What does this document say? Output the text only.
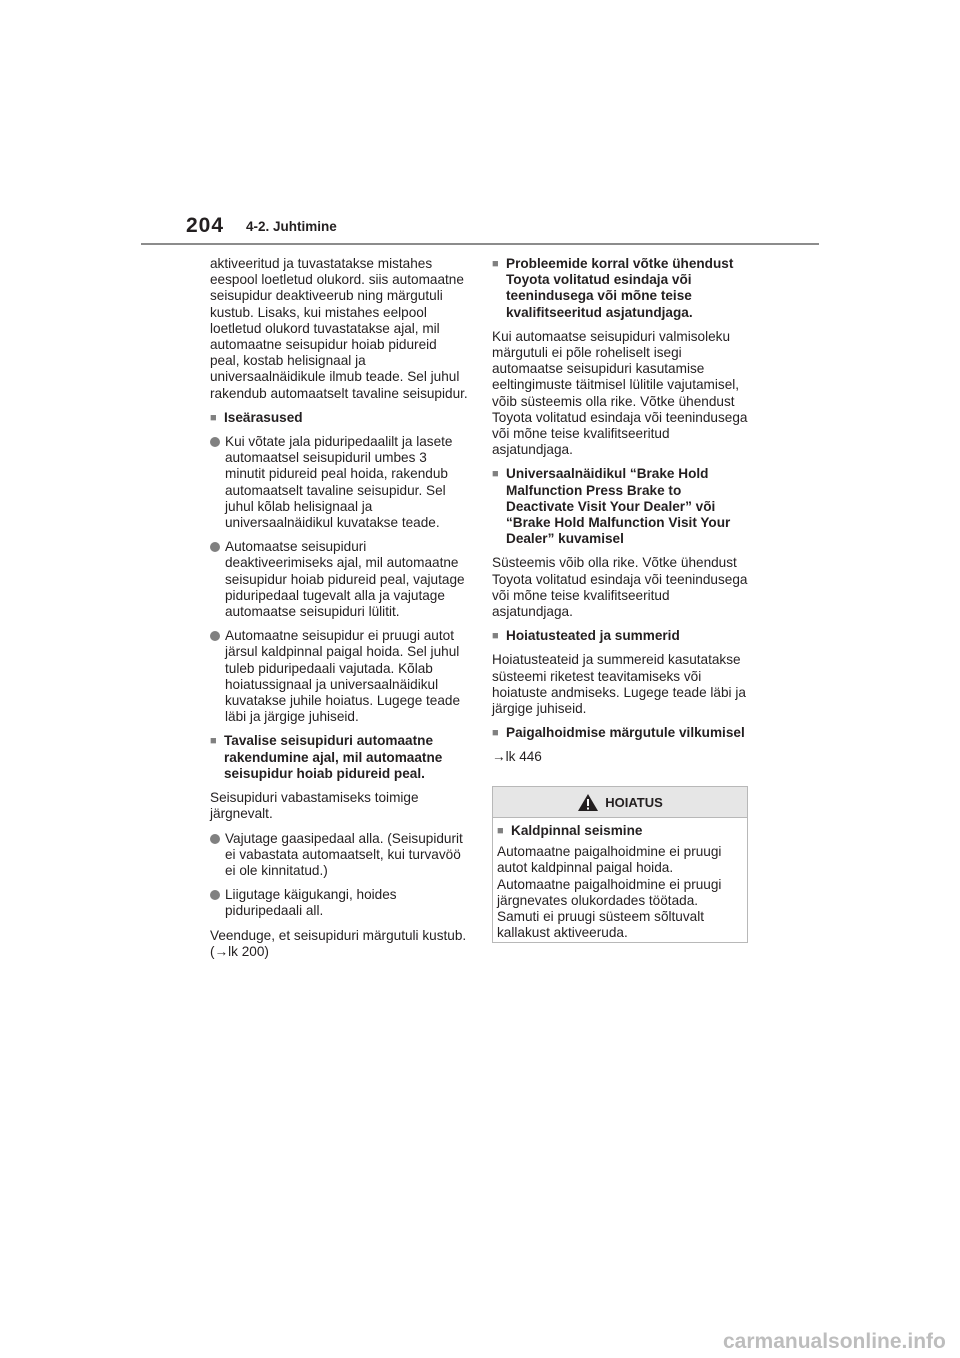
204 4-2. Juhtimine

aktiveeritud ja tuvastatakse mistahes eespool loetletud olukord. siis automaatne seisupidur deaktiveerub ning märgutuli kustub. Lisaks, kui mistahes eelpool loetletud olukord tuvastatakse ajal, mil automaatne seisupidur hoiab pidureid peal, kostab helisignaal ja universaalnäidikule ilmub teade. Sel juhul rakendub automaatselt tavaline seisupidur.

■ Iseärasused
Kui võtate jala piduripedaalilt ja lasete automaatsel seisupiduril umbes 3 minutit pidureid peal hoida, rakendub automaatselt tavaline seisupidur. Sel juhul kõlab helisignaal ja universaalnäidikul kuvatakse teade.
Automaatse seisupiduri deaktiveerimiseks ajal, mil automaatne seisupidur hoiab pidureid peal, vajutage piduripedaal tugevalt alla ja vajutage automaatse seisupiduri lülitit.
Automaatne seisupidur ei pruugi autot järsul kaldpinnal paigal hoida. Sel juhul tuleb piduripedaali vajutada. Kõlab hoiatussignaal ja universaalnäidikul kuvatakse juhile hoiatus. Lugege teade läbi ja järgige juhiseid.
■ Tavalise seisupiduri automaatne rakendumine ajal, mil automaatne seisupidur hoiab pidureid peal.

Seisupiduri vabastamiseks toimige järgnevalt.

Vajutage gaasipedaal alla. (Seisupidurit ei vabastata automaatselt, kui turvavöö ei ole kinnitatud.)
Liigutage käigukangi, hoides piduripedaali all.

Veenduge, et seisupiduri märgutuli kustub. (→lk 200)

■ Probleemide korral võtke ühendust Toyota volitatud esindaja või teenindusega või mõne teise kvalifitseeritud asjatundjaga.

Kui automaatse seisupiduri valmisoleku märgutuli ei põle roheliselt isegi automaatse seisupiduri kasutamise eeltingimuste täitmisel lülitile vajutamisel, võib süsteemis olla rike. Võtke ühendust Toyota volitatud esindaja või teenindusega või mõne teise kvalifitseeritud asjatundjaga.

■ Universaalnäidikul “Brake Hold Malfunction Press Brake to Deactivate Visit Your Dealer” või “Brake Hold Malfunction Visit Your Dealer” kuvamisel

Süsteemis võib olla rike. Võtke ühendust Toyota volitatud esindaja või teenindusega või mõne teise kvalifitseeritud asjatundjaga.

■ Hoiatusteated ja summerid

Hoiatusteateid ja summereid kasutatakse süsteemi riketest teavitamiseks või hoiatuste andmiseks. Lugege teade läbi ja järgige juhiseid.

■ Paigalhoidmise märgutule vilkumisel

→lk 446

HOIATUS
■ Kaldpinnal seismine

Automaatne paigalhoidmine ei pruugi autot kaldpinnal paigal hoida. Automaatne paigalhoidmine ei pruugi järgnevates olukordades töötada. Samuti ei pruugi süsteem sõltuvalt kallakust aktiveeruda.

carmanualsonline.info
